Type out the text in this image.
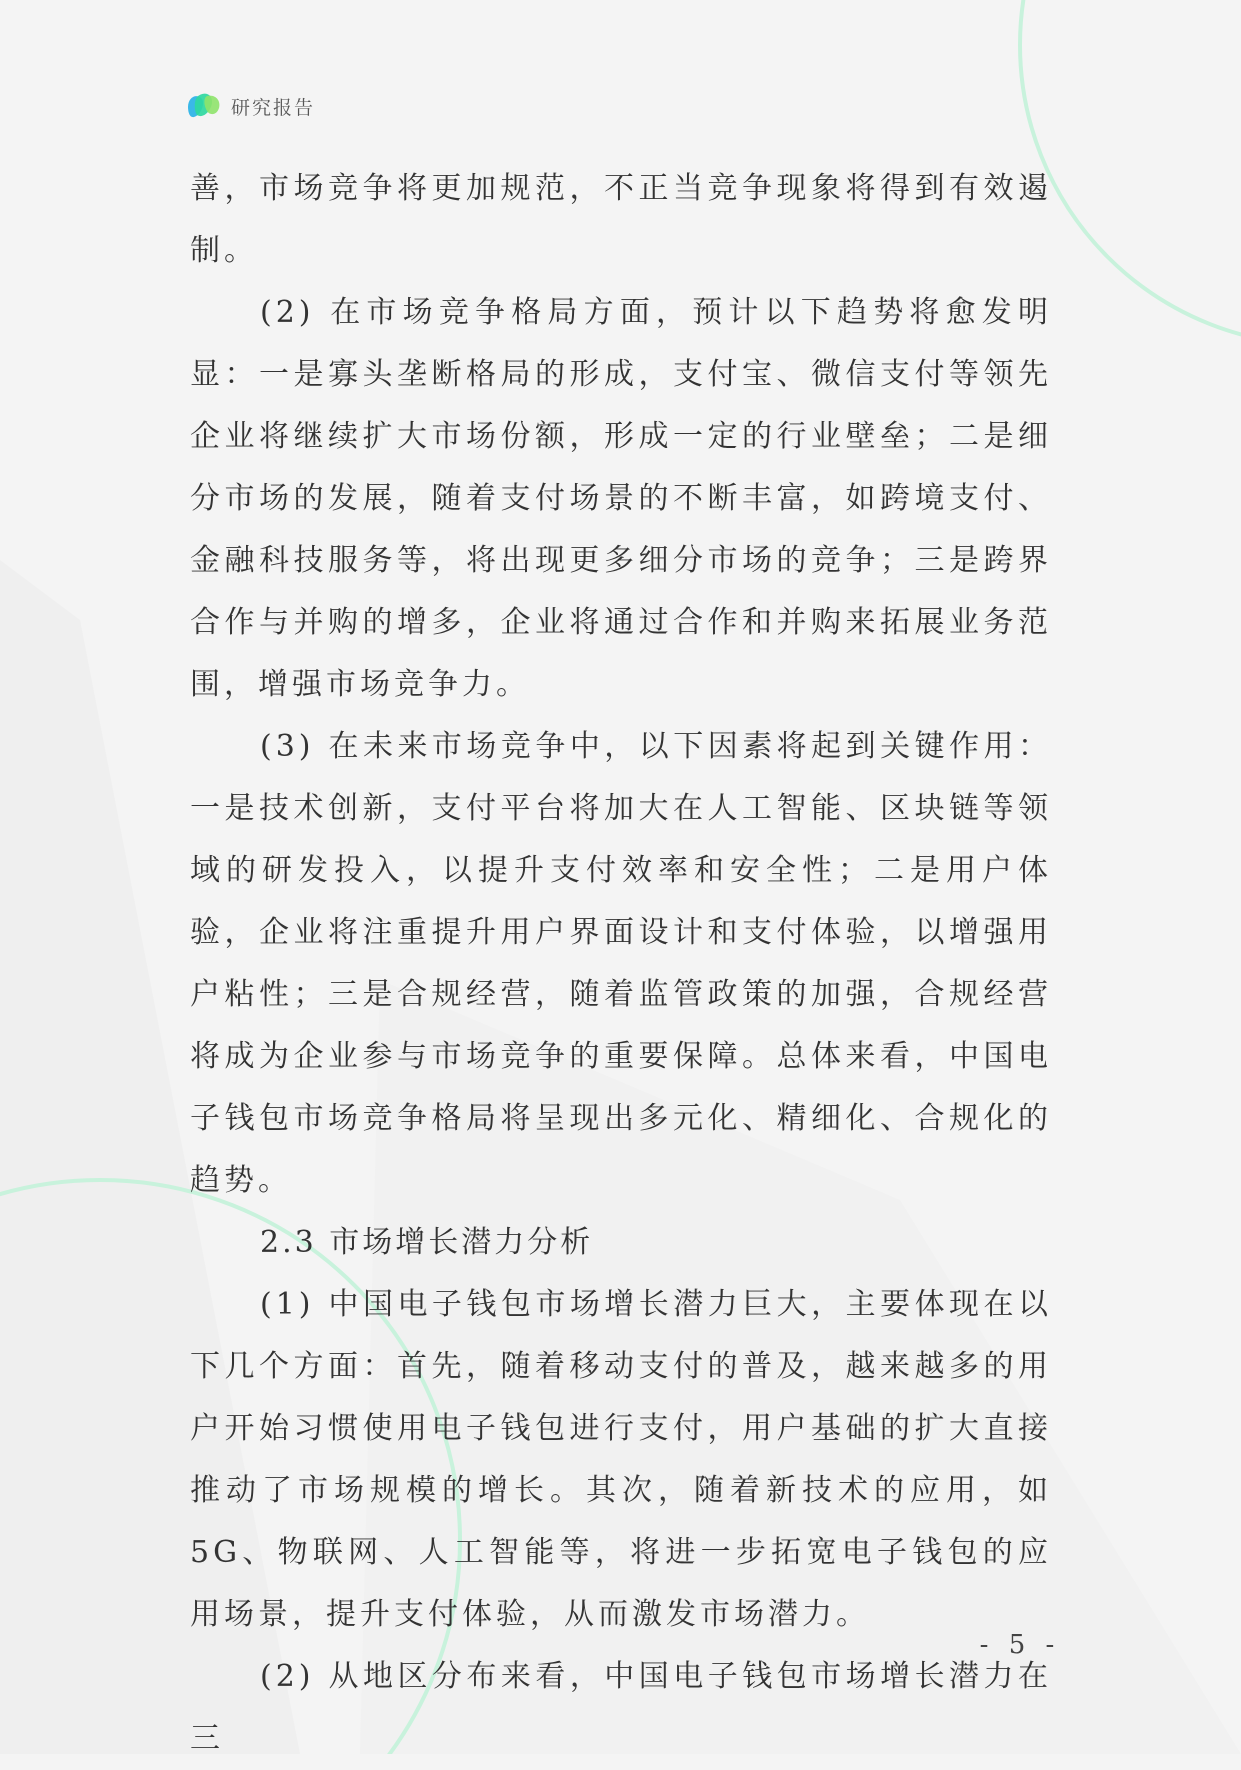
研究报告

善，市场竞争将更加规范，不正当竞争现象将得到有效遏制。

(2) 在市场竞争格局方面，预计以下趋势将愈发明显：一是寡头垄断格局的形成，支付宝、微信支付等领先企业将继续扩大市场份额，形成一定的行业壁垒；二是细分市场的发展，随着支付场景的不断丰富，如跨境支付、金融科技服务等，将出现更多细分市场的竞争；三是跨界合作与并购的增多，企业将通过合作和并购来拓展业务范围，增强市场竞争力。

(3) 在未来市场竞争中，以下因素将起到关键作用：一是技术创新，支付平台将加大在人工智能、区块链等领域的研发投入，以提升支付效率和安全性；二是用户体验，企业将注重提升用户界面设计和支付体验，以增强用户粘性；三是合规经营，随着监管政策的加强，合规经营将成为企业参与市场竞争的重要保障。总体来看，中国电子钱包市场竞争格局将呈现出多元化、精细化、合规化的趋势。

2.3 市场增长潜力分析

(1) 中国电子钱包市场增长潜力巨大，主要体现在以下几个方面：首先，随着移动支付的普及，越来越多的用户开始习惯使用电子钱包进行支付，用户基础的扩大直接推动了市场规模的增长。其次，随着新技术的应用，如5G、物联网、人工智能等，将进一步拓宽电子钱包的应用场景，提升支付体验，从而激发市场潜力。

(2) 从地区分布来看，中国电子钱包市场增长潜力在三

- 5 -
